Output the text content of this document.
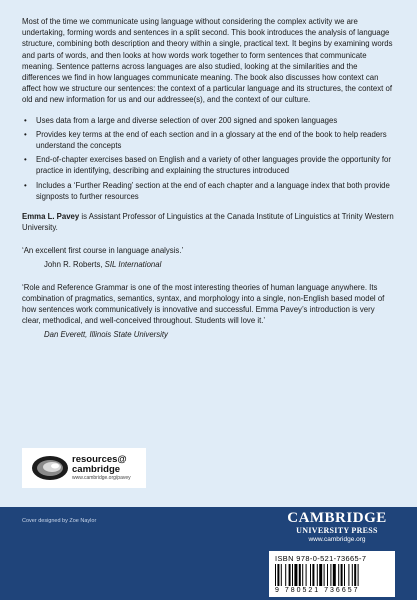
Most of the time we communicate using language without considering the complex activity we are undertaking, forming words and sentences in a split second. This book introduces the analysis of language structure, combining both description and theory within a single, practical text. It begins by examining words and parts of words, and then looks at how words work together to form sentences that communicate meaning. Sentence patterns across languages are also studied, looking at the similarities and the differences we find in how languages communicate meaning. The book also discusses how context can affect how we structure our sentences: the context of a particular language and its structures, the context of old and new information for us and our addressee(s), and the context of our culture.

• Uses data from a large and diverse selection of over 200 signed and spoken languages
• Provides key terms at the end of each section and in a glossary at the end of the book to help readers understand the concepts
• End-of-chapter exercises based on English and a variety of other languages provide the opportunity for practice in identifying, describing and explaining the structures introduced
• Includes a ‘Further Reading’ section at the end of each chapter and a language index that both provide signposts to further resources

Emma L. Pavey is Assistant Professor of Linguistics at the Canada Institute of Linguistics at Trinity Western University.

‘An excellent first course in language analysis.’

John R. Roberts, SIL International

‘Role and Reference Grammar is one of the most interesting theories of human language anywhere. Its combination of pragmatics, semantics, syntax, and morphology into a single, non-English based model of how sentences work communicatively is innovative and successful. Emma Pavey’s introduction is very clear, methodical, and well-conceived throughout. Students will love it.’

Dan Everett, Illinois State University

resources@
cambridge
www.cambridge.org/pavey
Cover designed by Zoe Naylor	CAMBRIDGE
UNIVERSITY PRESS
www.cambridge.org
ISBN 978-0-521-73665-7
9 780521 736657
